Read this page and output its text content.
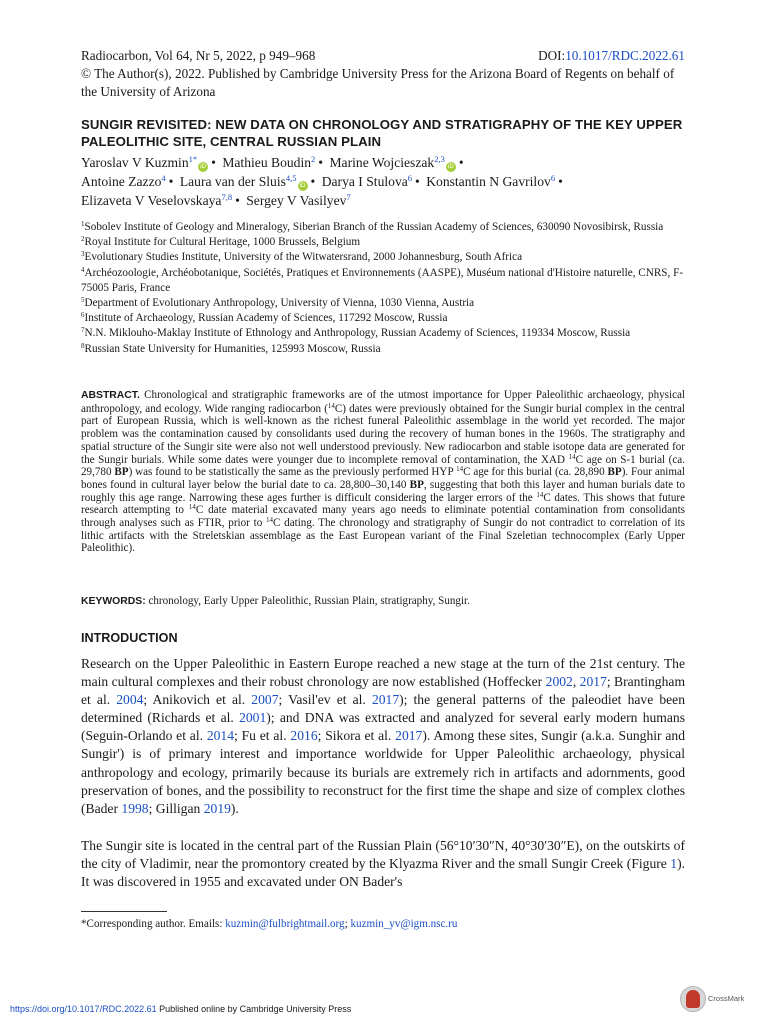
Radiocarbon, Vol 64, Nr 5, 2022, p 949–968	DOI:10.1017/RDC.2022.61
© The Author(s), 2022. Published by Cambridge University Press for the Arizona Board of Regents on behalf of the University of Arizona
SUNGIR REVISITED: NEW DATA ON CHRONOLOGY AND STRATIGRAPHY OF THE KEY UPPER PALEOLITHIC SITE, CENTRAL RUSSIAN PLAIN
Yaroslav V Kuzmin$^{1*}$iD • Mathieu Boudin$^2$ • Marine Wojcieszak$^{2,3}$iD •
Antoine Zazzo$^4$ • Laura van der Sluis$^{4,5}$iD • Darya I Stulova$^6$ • Konstantin N Gavrilov$^6$ •
Elizaveta V Veselovskaya$^{7,8}$ • Sergey V Vasilyev$^7$
$^1$Sobolev Institute of Geology and Mineralogy, Siberian Branch of the Russian Academy of Sciences, 630090 Novosibirsk, Russia
$^2$Royal Institute for Cultural Heritage, 1000 Brussels, Belgium
$^3$Evolutionary Studies Institute, University of the Witwatersrand, 2000 Johannesburg, South Africa
$^4$Archéozoologie, Archéobotanique, Sociétés, Pratiques et Environnements (AASPE), Muséum national d'Histoire naturelle, CNRS, F-75005 Paris, France
$^5$Department of Evolutionary Anthropology, University of Vienna, 1030 Vienna, Austria
$^6$Institute of Archaeology, Russian Academy of Sciences, 117292 Moscow, Russia
$^7$N.N. Miklouho-Maklay Institute of Ethnology and Anthropology, Russian Academy of Sciences, 119334 Moscow, Russia
$^8$Russian State University for Humanities, 125993 Moscow, Russia
ABSTRACT. Chronological and stratigraphic frameworks are of the utmost importance for Upper Paleolithic archaeology, physical anthropology, and ecology. Wide ranging radiocarbon ($^{14}$C) dates were previously obtained for the Sungir burial complex in the central part of European Russia, which is well-known as the richest funeral Paleolithic assemblage in the world yet recorded. The major problem was the contamination caused by consolidants used during the recovery of human bones in the 1960s. The stratigraphy and spatial structure of the Sungir site were also not well understood previously. New radiocarbon and stable isotope data are generated for the Sungir burials. While some dates were younger due to incomplete removal of contamination, the XAD $^{14}$C age on S-1 burial (ca. 29,780 BP) was found to be statistically the same as the previously performed HYP $^{14}$C age for this burial (ca. 28,890 BP). Four animal bones found in cultural layer below the burial date to ca. 28,800–30,140 BP, suggesting that both this layer and human burials date to roughly this age range. Narrowing these ages further is difficult considering the larger errors of the $^{14}$C dates. This shows that future research attempting to $^{14}$C date material excavated many years ago needs to eliminate potential contamination from consolidants through analyses such as FTIR, prior to $^{14}$C dating. The chronology and stratigraphy of Sungir do not contradict to correlation of its lithic artifacts with the Streletskian assemblage as the East European variant of the Final Szeletian technocomplex (Early Upper Paleolithic).
KEYWORDS: chronology, Early Upper Paleolithic, Russian Plain, stratigraphy, Sungir.
INTRODUCTION

Research on the Upper Paleolithic in Eastern Europe reached a new stage at the turn of the 21st century. The main cultural complexes and their robust chronology are now established (Hoffecker 2002, 2017; Brantingham et al. 2004; Anikovich et al. 2007; Vasil'ev et al. 2017); the general patterns of the paleodiet have been determined (Richards et al. 2001); and DNA was extracted and analyzed for several early modern humans (Seguin-Orlando et al. 2014; Fu et al. 2016; Sikora et al. 2017). Among these sites, Sungir (a.k.a. Sunghir and Sungir') is of primary interest and importance worldwide for Upper Paleolithic archaeology, physical anthropology and ecology, primarily because its burials are extremely rich in artifacts and adornments, good preservation of bones, and the possibility to reconstruct for the first time the shape and size of complex clothes (Bader 1998; Gilligan 2019).

The Sungir site is located in the central part of the Russian Plain (56°10′30″N, 40°30′30″E), on the outskirts of the city of Vladimir, near the promontory created by the Klyazma River and the small Sungir Creek (Figure 1). It was discovered in 1955 and excavated under ON Bader's

*Corresponding author. Emails: kuzmin@fulbrightmail.org; kuzmin_yv@igm.nsc.ru
https://doi.org/10.1017/RDC.2022.61 Published online by Cambridge University Press
CrossMark
